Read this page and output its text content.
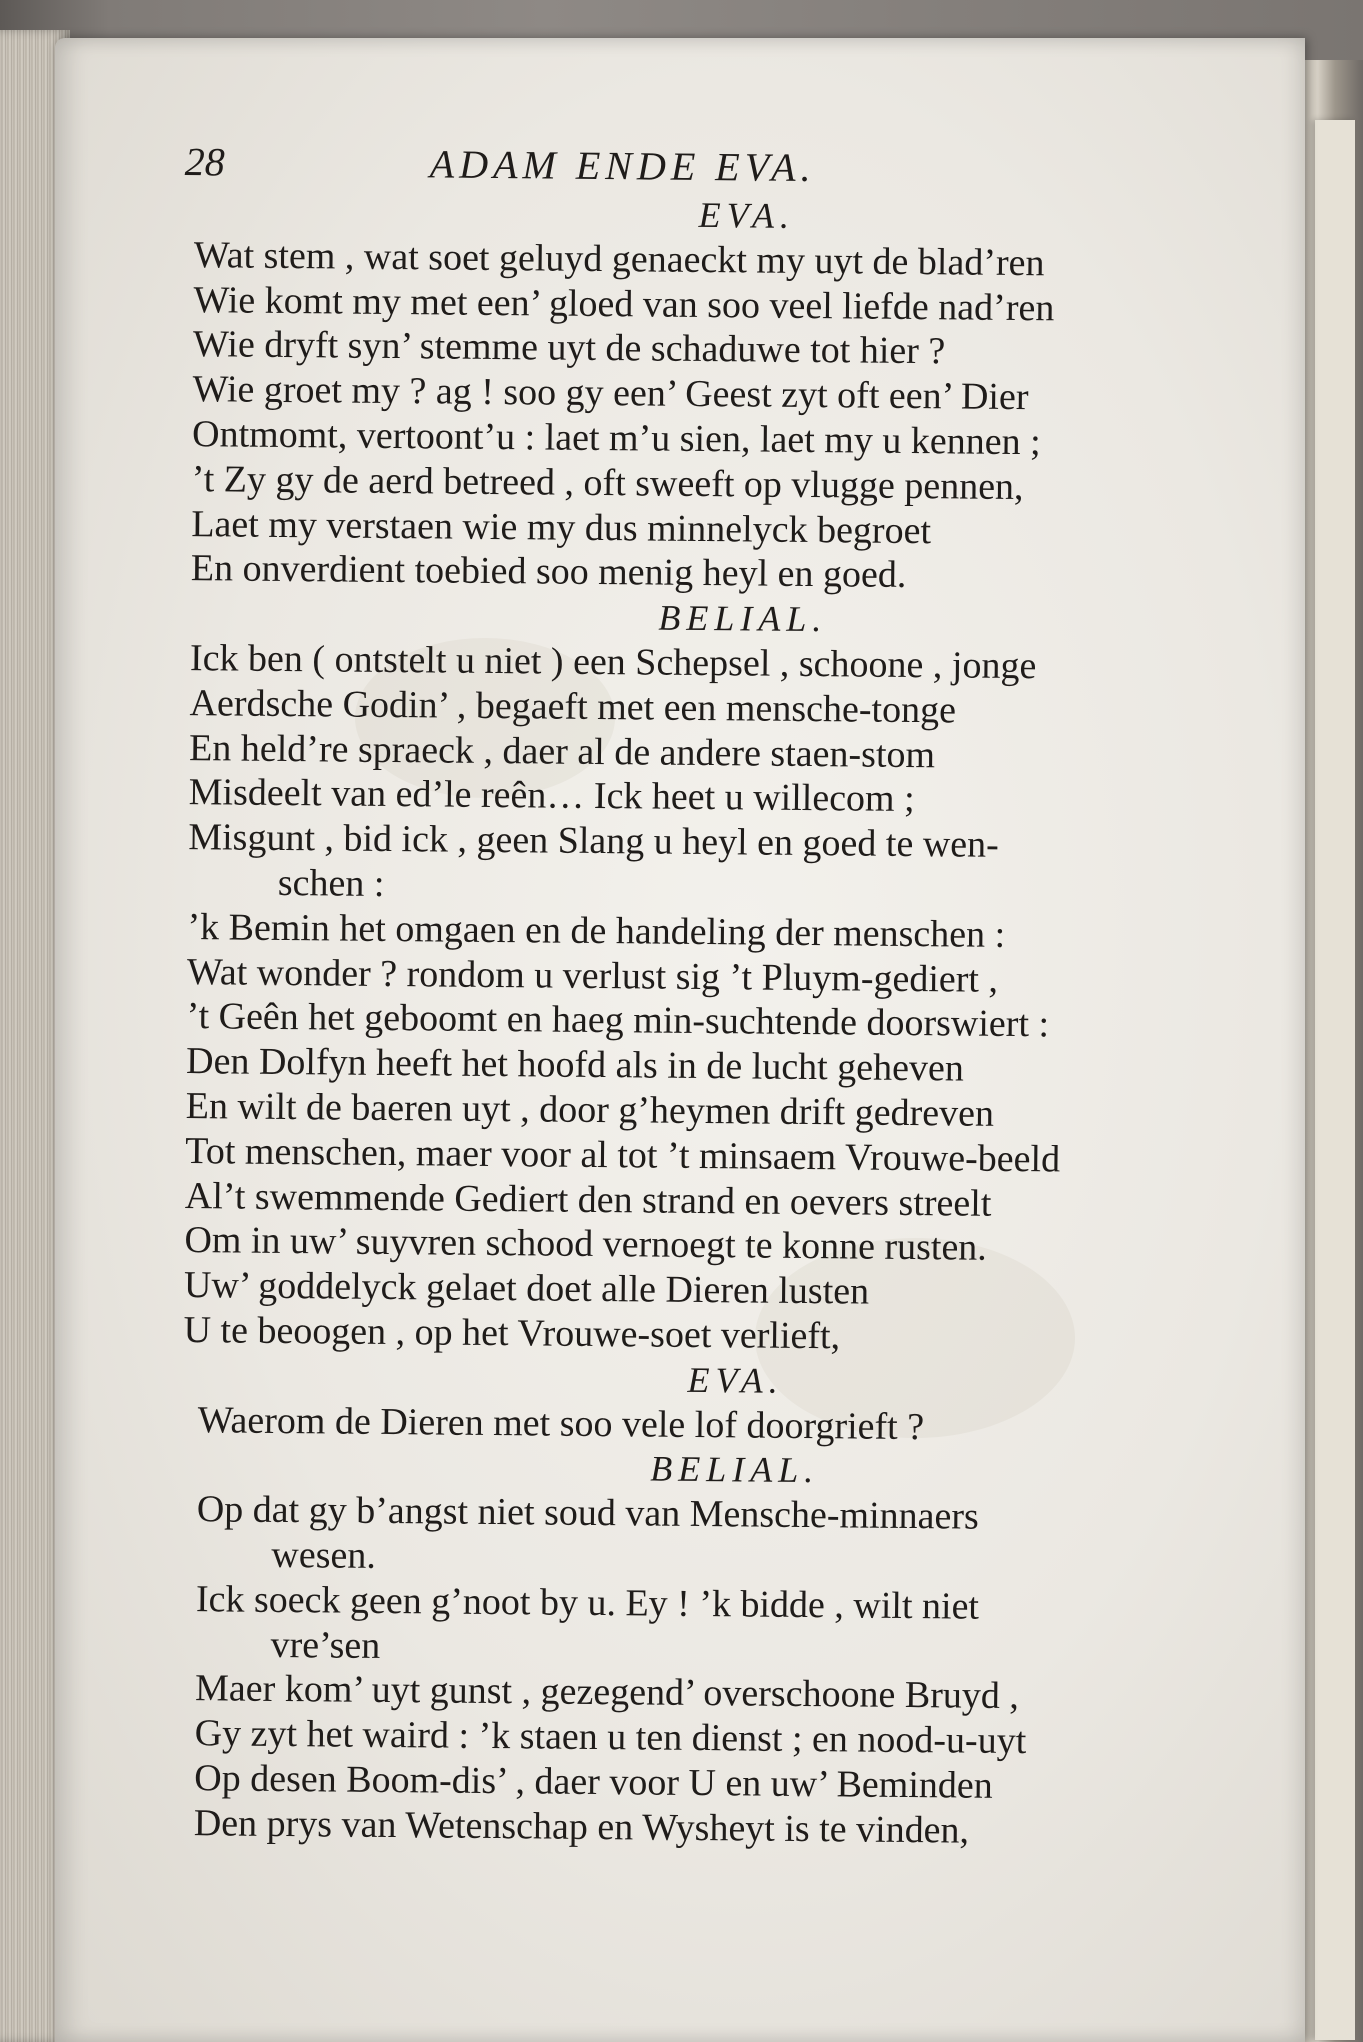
28	ADAM ENDE EVA.
EVA.
Wat stem , wat soet geluyd genaeckt my uyt de blad’ren
Wie komt my met een’ gloed van soo veel liefde nad’ren
Wie dryft syn’ stemme uyt de schaduwe tot hier ?
Wie groet my ? ag ! soo gy een’ Geest zyt oft een’ Dier
Ontmomt, vertoont’u : laet m’u sien, laet my u kennen ;
’t Zy gy de aerd betreed , oft sweeft op vlugge pennen,
Laet my verstaen wie my dus minnelyck begroet
En onverdient toebied soo menig heyl en goed.
BELIAL.
Ick ben ( ontstelt u niet ) een Schepsel , schoone , jonge
Aerdsche Godin’ , begaeft met een mensche-tonge
En held’re spraeck , daer al de andere staen-stom
Misdeelt van ed’le reên… Ick heet u willecom ;
Misgunt , bid ick , geen Slang u heyl en goed te wen-
schen :
’k Bemin het omgaen en de handeling der menschen :
Wat wonder ? rondom u verlust sig ’t Pluym-gediert ,
’t Geên het geboomt en haeg min-suchtende doorswiert :
Den Dolfyn heeft het hoofd als in de lucht geheven
En wilt de baeren uyt , door g’heymen drift gedreven
Tot menschen, maer voor al tot ’t minsaem Vrouwe-beeld
Al’t swemmende Gediert den strand en oevers streelt
Om in uw’ suyvren schood vernoegt te konne rusten.
Uw’ goddelyck gelaet doet alle Dieren lusten
U te beoogen , op het Vrouwe-soet verlieft,
EVA.
Waerom de Dieren met soo vele lof doorgrieft ?
BELIAL.
Op dat gy b’angst niet soud van Mensche-minnaers
wesen.
Ick soeck geen g’noot by u. Ey ! ’k bidde , wilt niet
vre’sen
Maer kom’ uyt gunst , gezegend’ overschoone Bruyd ,
Gy zyt het waird : ’k staen u ten dienst ; en nood-u-uyt
Op desen Boom-dis’ , daer voor U en uw’ Beminden
Den prys van Wetenschap en Wysheyt is te vinden,
